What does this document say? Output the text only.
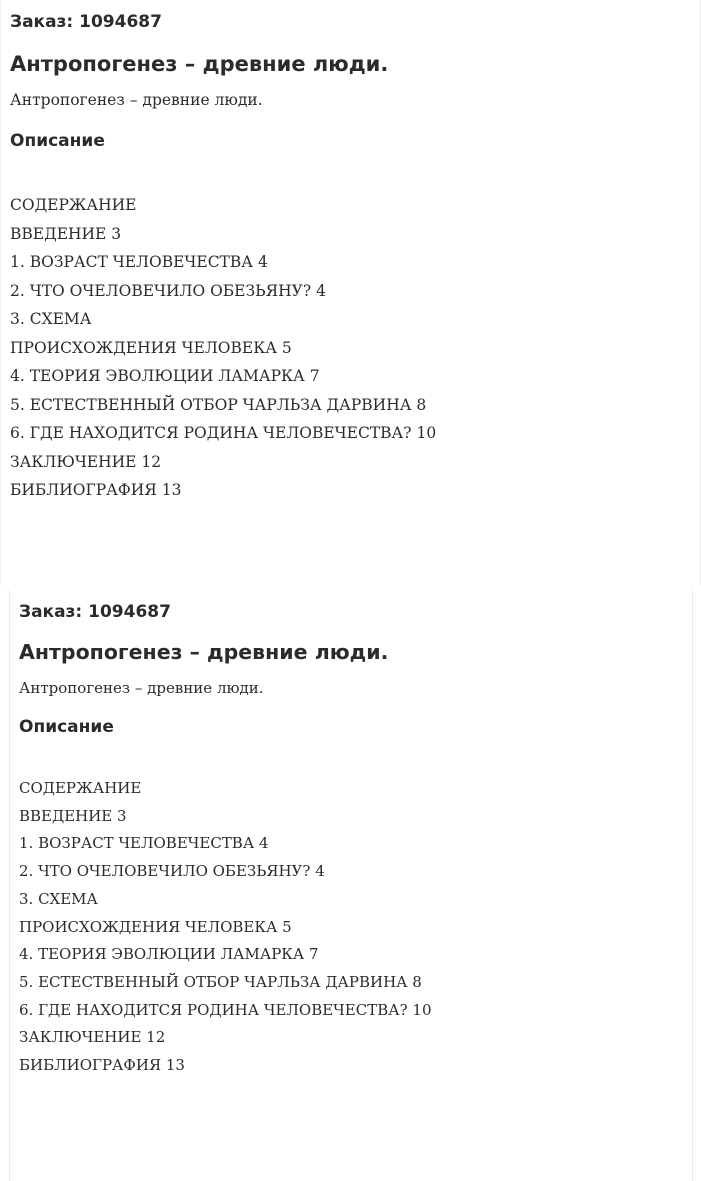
Заказ: 1094687

Антропогенез – древние люди.

Антропогенез – древние люди.

Описание
СОДЕРЖАНИЕ
ВВЕДЕНИЕ 3
1. ВОЗРАСТ ЧЕЛОВЕЧЕСТВА 4
2. ЧТО ОЧЕЛОВЕЧИЛО ОБЕЗЬЯНУ? 4
3. СХЕМА
ПРОИСХОЖДЕНИЯ ЧЕЛОВЕКА 5
4. ТЕОРИЯ ЭВОЛЮЦИИ ЛАМАРКА 7
5. ЕСТЕСТВЕННЫЙ ОТБОР ЧАРЛЬЗА ДАРВИНА 8
6. ГДЕ НАХОДИТСЯ РОДИНА ЧЕЛОВЕЧЕСТВА? 10
ЗАКЛЮЧЕНИЕ 12
БИБЛИОГРАФИЯ 13

Заказ: 1094687

Антропогенез – древние люди.

Антропогенез – древние люди.

Описание
СОДЕРЖАНИЕ
ВВЕДЕНИЕ 3
1. ВОЗРАСТ ЧЕЛОВЕЧЕСТВА 4
2. ЧТО ОЧЕЛОВЕЧИЛО ОБЕЗЬЯНУ? 4
3. СХЕМА
ПРОИСХОЖДЕНИЯ ЧЕЛОВЕКА 5
4. ТЕОРИЯ ЭВОЛЮЦИИ ЛАМАРКА 7
5. ЕСТЕСТВЕННЫЙ ОТБОР ЧАРЛЬЗА ДАРВИНА 8
6. ГДЕ НАХОДИТСЯ РОДИНА ЧЕЛОВЕЧЕСТВА? 10
ЗАКЛЮЧЕНИЕ 12
БИБЛИОГРАФИЯ 13
